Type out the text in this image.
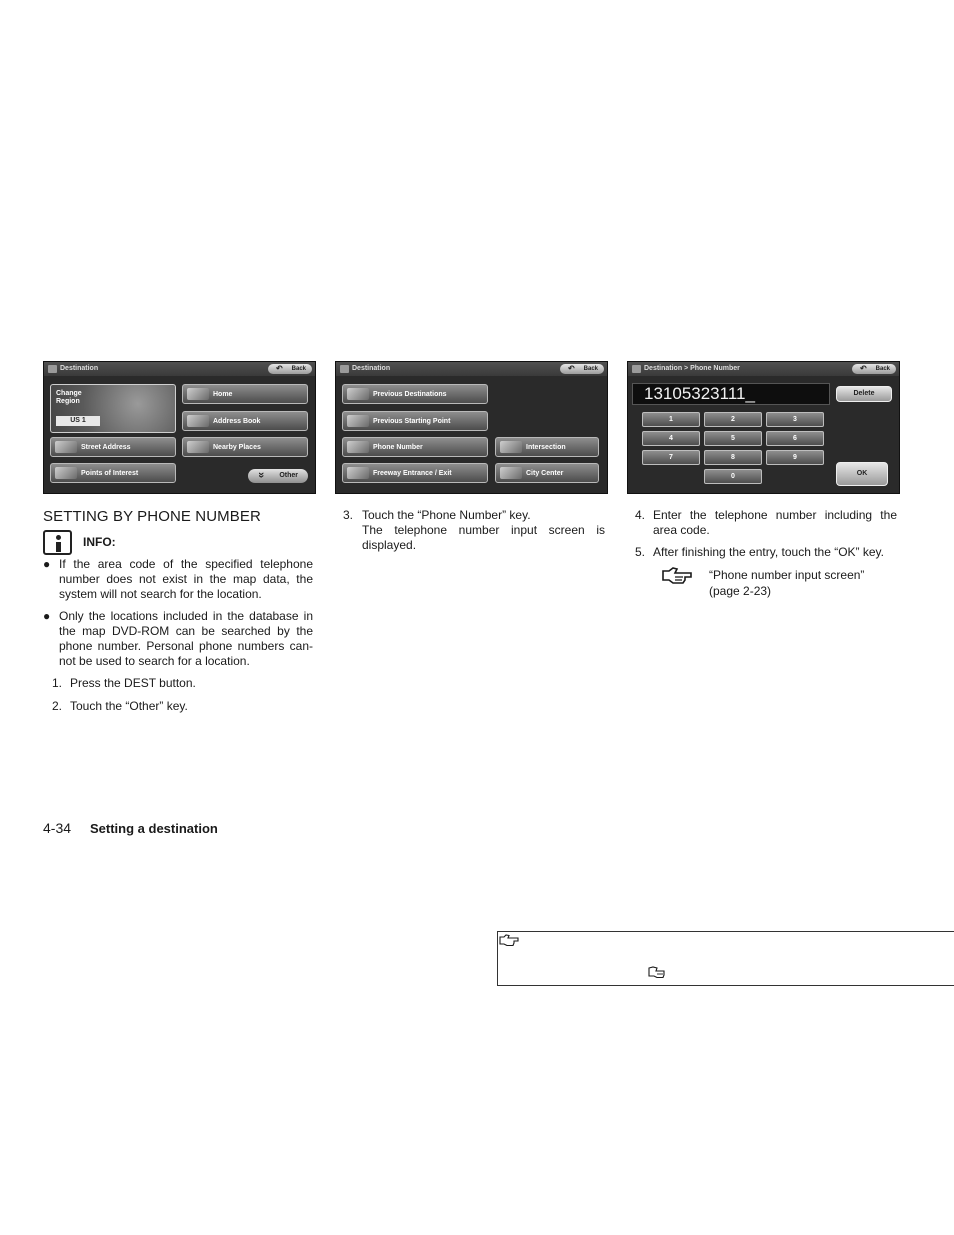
Destination	↶ Back
Change Region
US 1
Home
Address Book
Street Address	Nearby Places
Points of Interest	» Other
Destination	↶ Back
Previous Destinations
Previous Starting Point
Phone Number	Intersection
Freeway Entrance / Exit	City Center
Destination > Phone Number	↶ Back
13105323111_	Delete
1	2	3
4	5	6
7	8	9
0	OK
SETTING BY PHONE NUMBER
INFO:
● If the area code of the specified telephone number does not exist in the map data, the system will not search for the location.
● Only the locations included in the database in the map DVD-ROM can be searched by the phone number. Personal phone numbers can- not be used to search for a location.
1. Press the DEST button.
2. Touch the “Other” key.
3. Touch the “Phone Number” key.
The telephone number input screen is displayed.
4. Enter the telephone number including the area code.
5. After finishing the entry, touch the “OK” key.
“Phone number input screen” (page 2-23)
4-34 Setting a destination
